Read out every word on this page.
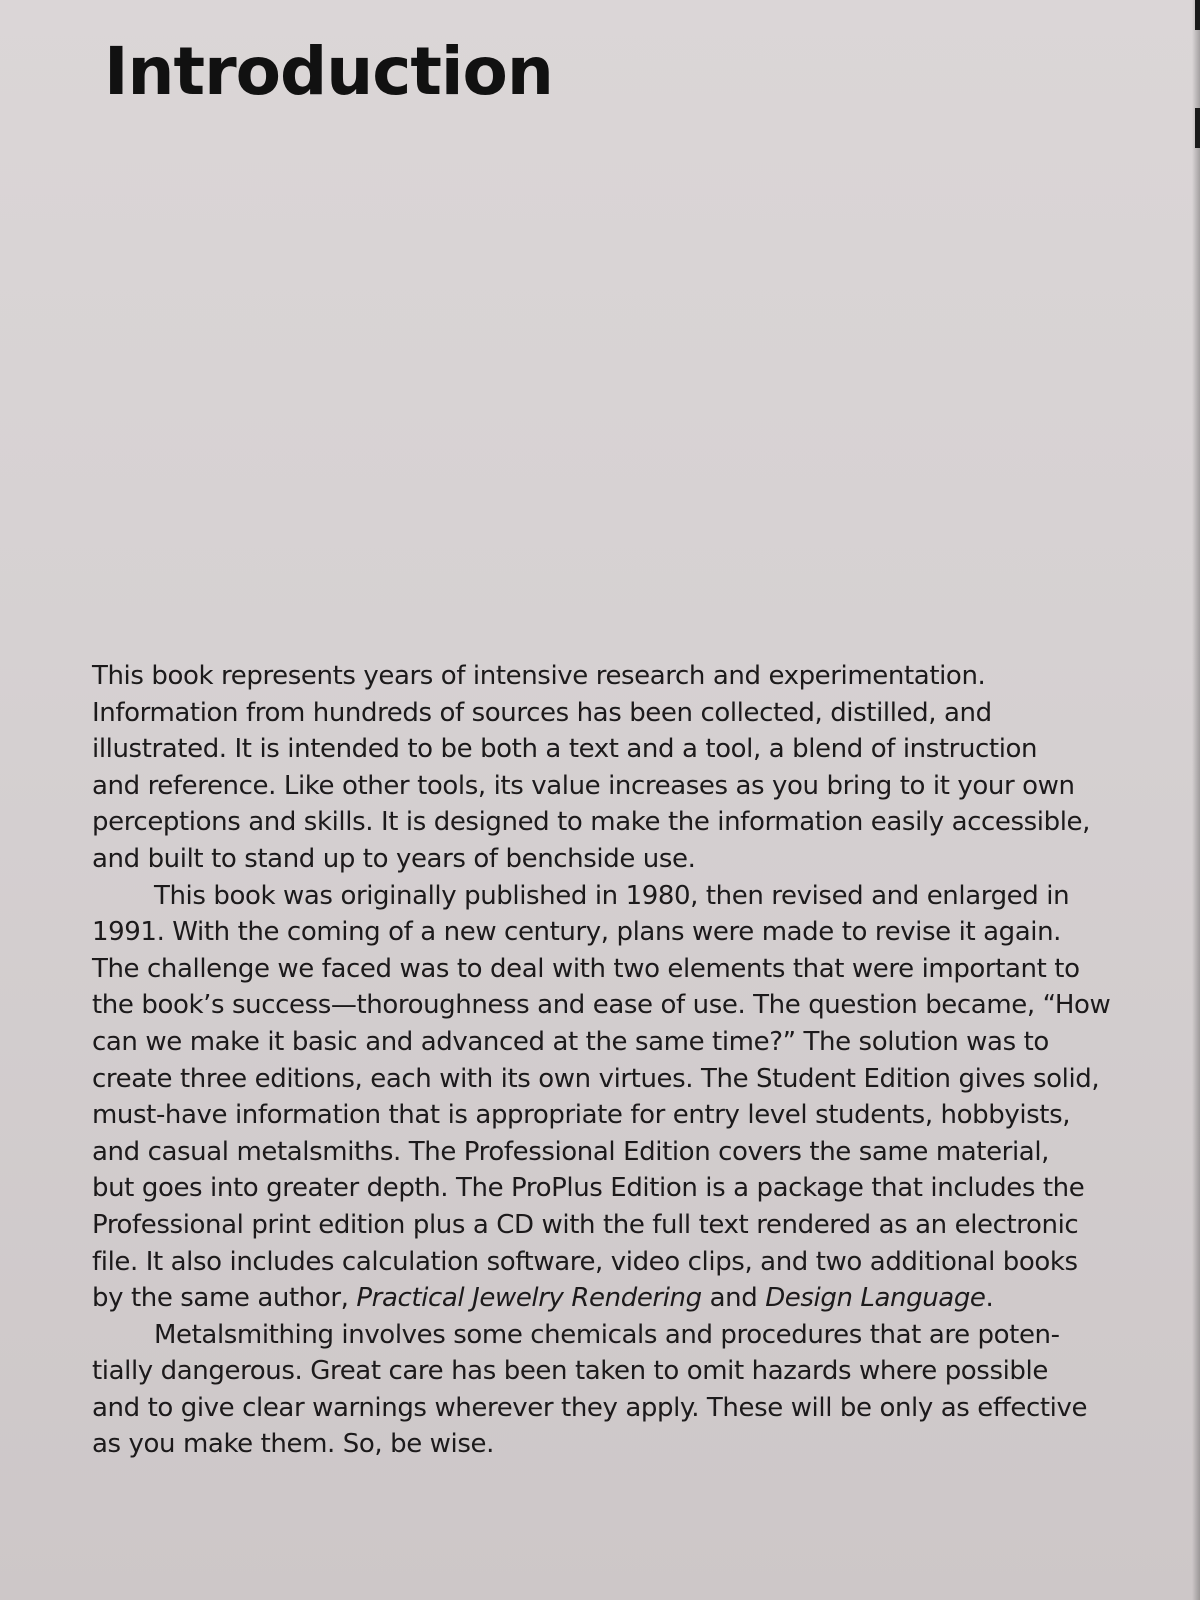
Introduction

This book represents years of intensive research and experimentation.
Information from hundreds of sources has been collected, distilled, and
illustrated. It is intended to be both a text and a tool, a blend of instruction
and reference. Like other tools, its value increases as you bring to it your own
perceptions and skills. It is designed to make the information easily accessible,
and built to stand up to years of benchside use.

This book was originally published in 1980, then revised and enlarged in
1991. With the coming of a new century, plans were made to revise it again.
The challenge we faced was to deal with two elements that were important to
the book’s success—thoroughness and ease of use. The question became, “How
can we make it basic and advanced at the same time?” The solution was to
create three editions, each with its own virtues. The Student Edition gives solid,
must-have information that is appropriate for entry level students, hobbyists,
and casual metalsmiths. The Professional Edition covers the same material,
but goes into greater depth. The ProPlus Edition is a package that includes the
Professional print edition plus a CD with the full text rendered as an electronic
file. It also includes calculation software, video clips, and two additional books
by the same author, Practical Jewelry Rendering and Design Language.

Metalsmithing involves some chemicals and procedures that are poten-
tially dangerous. Great care has been taken to omit hazards where possible
and to give clear warnings wherever they apply. These will be only as effective
as you make them. So, be wise.
